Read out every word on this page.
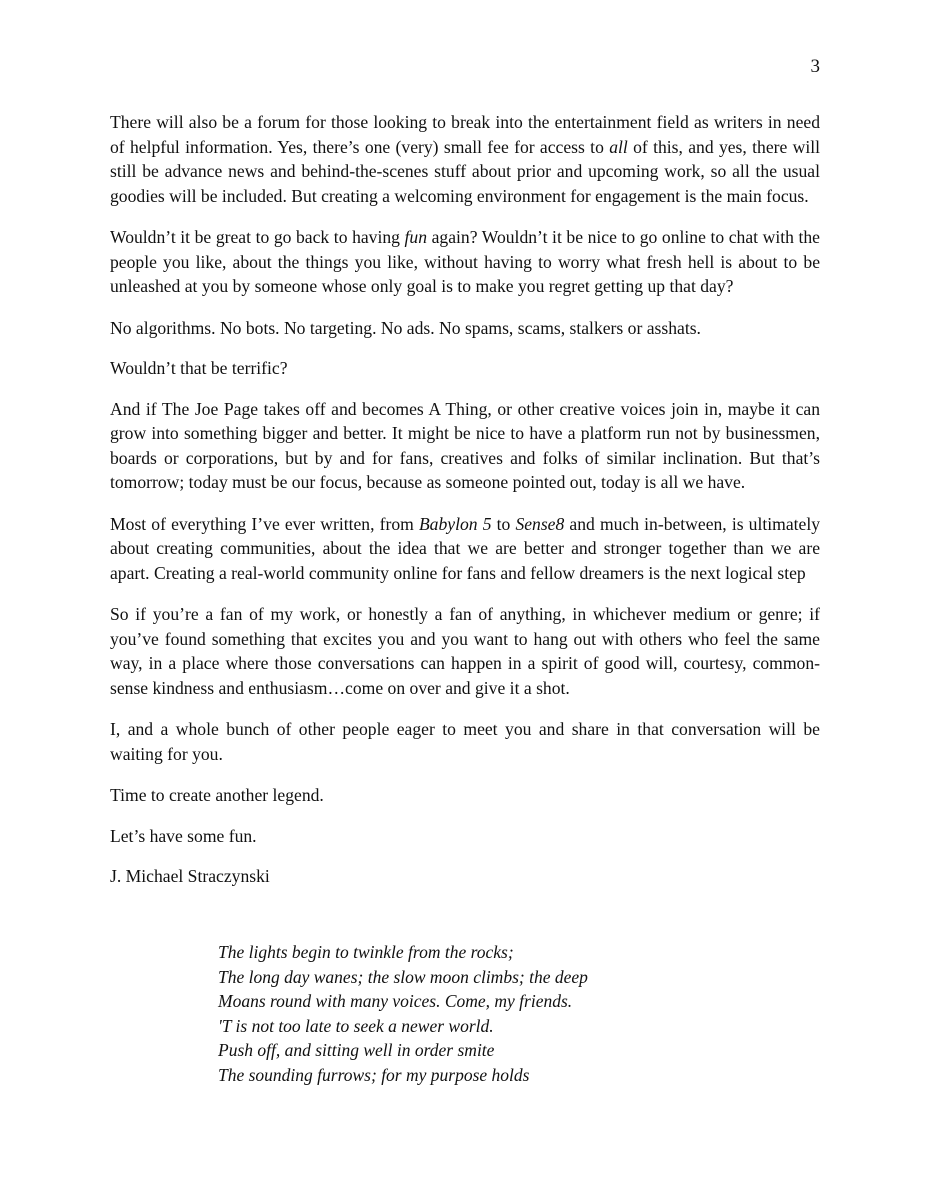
3

There will also be a forum for those looking to break into the entertainment field as writers in need of helpful information. Yes, there’s one (very) small fee for access to all of this, and yes, there will still be advance news and behind-the-scenes stuff about prior and upcoming work, so all the usual goodies will be included. But creating a welcoming environment for engagement is the main focus.

Wouldn’t it be great to go back to having fun again? Wouldn’t it be nice to go online to chat with the people you like, about the things you like, without having to worry what fresh hell is about to be unleashed at you by someone whose only goal is to make you regret getting up that day?

No algorithms. No bots. No targeting. No ads. No spams, scams, stalkers or asshats.

Wouldn’t that be terrific?

And if The Joe Page takes off and becomes A Thing, or other creative voices join in, maybe it can grow into something bigger and better. It might be nice to have a platform run not by businessmen, boards or corporations, but by and for fans, creatives and folks of similar inclination. But that’s tomorrow; today must be our focus, because as someone pointed out, today is all we have.

Most of everything I’ve ever written, from Babylon 5 to Sense8 and much in-between, is ultimately about creating communities, about the idea that we are better and stronger together than we are apart. Creating a real-world community online for fans and fellow dreamers is the next logical step

So if you’re a fan of my work, or honestly a fan of anything, in whichever medium or genre; if you’ve found something that excites you and you want to hang out with others who feel the same way, in a place where those conversations can happen in a spirit of good will, courtesy, common-sense kindness and enthusiasm…come on over and give it a shot.

I, and a whole bunch of other people eager to meet you and share in that conversation will be waiting for you.

Time to create another legend.

Let’s have some fun.

J. Michael Straczynski

The lights begin to twinkle from the rocks;
The long day wanes; the slow moon climbs; the deep
Moans round with many voices. Come, my friends.
'T is not too late to seek a newer world.
Push off, and sitting well in order smite
The sounding furrows; for my purpose holds
